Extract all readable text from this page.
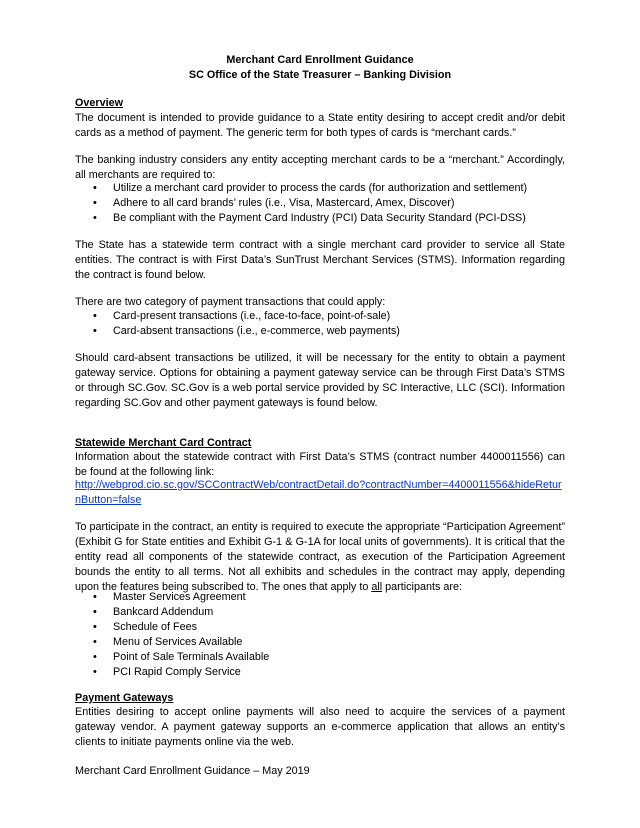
Merchant Card Enrollment Guidance
SC Office of the State Treasurer – Banking Division
Overview
The document is intended to provide guidance to a State entity desiring to accept credit and/or debit cards as a method of payment. The generic term for both types of cards is “merchant cards.”
The banking industry considers any entity accepting merchant cards to be a “merchant.” Accordingly, all merchants are required to:
• Utilize a merchant card provider to process the cards (for authorization and settlement)
• Adhere to all card brands’ rules (i.e., Visa, Mastercard, Amex, Discover)
• Be compliant with the Payment Card Industry (PCI) Data Security Standard (PCI-DSS)
The State has a statewide term contract with a single merchant card provider to service all State entities. The contract is with First Data’s SunTrust Merchant Services (STMS). Information regarding the contract is found below.
There are two category of payment transactions that could apply:
• Card-present transactions (i.e., face-to-face, point-of-sale)
• Card-absent transactions (i.e., e-commerce, web payments)
Should card-absent transactions be utilized, it will be necessary for the entity to obtain a payment gateway service. Options for obtaining a payment gateway service can be through First Data’s STMS or through SC.Gov. SC.Gov is a web portal service provided by SC Interactive, LLC (SCI). Information regarding SC.Gov and other payment gateways is found below.
Statewide Merchant Card Contract
Information about the statewide contract with First Data’s STMS (contract number 4400011556) can be found at the following link:
http://webprod.cio.sc.gov/SCContractWeb/contractDetail.do?contractNumber=4400011556&hideReturnButton=false
To participate in the contract, an entity is required to execute the appropriate “Participation Agreement” (Exhibit G for State entities and Exhibit G-1 & G-1A for local units of governments). It is critical that the entity read all components of the statewide contract, as execution of the Participation Agreement bounds the entity to all terms. Not all exhibits and schedules in the contract may apply, depending upon the features being subscribed to. The ones that apply to all participants are:
• Master Services Agreement
• Bankcard Addendum
• Schedule of Fees
• Menu of Services Available
• Point of Sale Terminals Available
• PCI Rapid Comply Service
Payment Gateways
Entities desiring to accept online payments will also need to acquire the services of a payment gateway vendor. A payment gateway supports an e-commerce application that allows an entity’s clients to initiate payments online via the web.
Merchant Card Enrollment Guidance – May 2019
